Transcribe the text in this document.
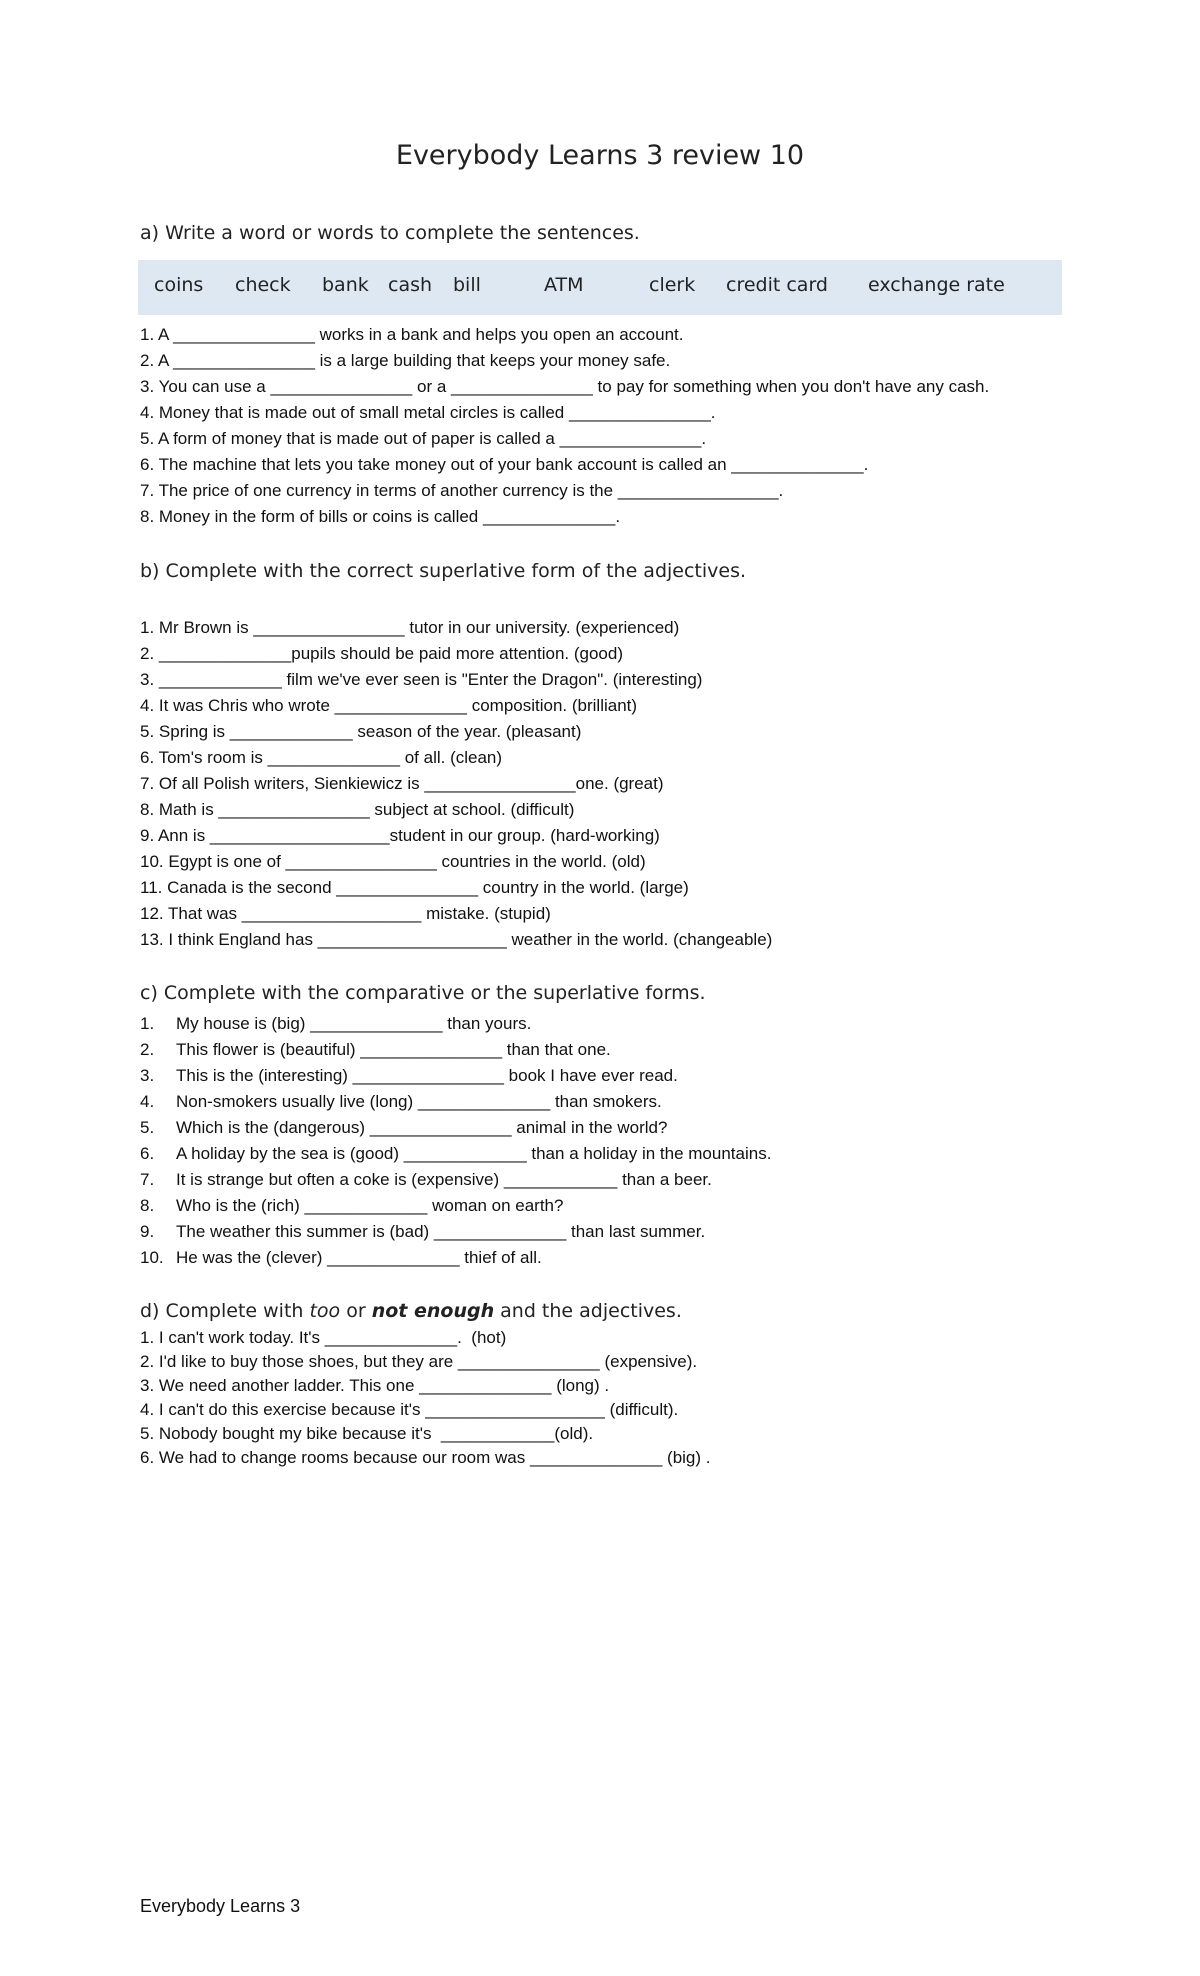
Everybody Learns 3 review 10
a) Write a word or words to complete the sentences.
coins check bank cash bill	ATM	clerk credit card exchange rate
1. A _______________ works in a bank and helps you open an account.
2. A _______________ is a large building that keeps your money safe.
3. You can use a _______________ or a _______________ to pay for something when you don't have any cash.
4. Money that is made out of small metal circles is called _______________.
5. A form of money that is made out of paper is called a _______________.
6. The machine that lets you take money out of your bank account is called an ______________.
7. The price of one currency in terms of another currency is the _________________.
8. Money in the form of bills or coins is called ______________.
b) Complete with the correct superlative form of the adjectives.
1. Mr Brown is ________________ tutor in our university. (experienced)
2. ______________pupils should be paid more attention. (good)
3. _____________ film we've ever seen is "Enter the Dragon". (interesting)
4. It was Chris who wrote ______________ composition. (brilliant)
5. Spring is _____________ season of the year. (pleasant)
6. Tom's room is ______________ of all. (clean)
7. Of all Polish writers, Sienkiewicz is ________________one. (great)
8. Math is ________________ subject at school. (difficult)
9. Ann is ___________________student in our group. (hard-working)
10. Egypt is one of ________________ countries in the world. (old)
11. Canada is the second _______________ country in the world. (large)
12. That was ___________________ mistake. (stupid)
13. I think England has ____________________ weather in the world. (changeable)
c) Complete with the comparative or the superlative forms.
1. My house is (big) ______________ than yours.
2. This flower is (beautiful) _______________ than that one.
3. This is the (interesting) ________________ book I have ever read.
4. Non-smokers usually live (long) ______________ than smokers.
5. Which is the (dangerous) _______________ animal in the world?
6. A holiday by the sea is (good) _____________ than a holiday in the mountains.
7. It is strange but often a coke is (expensive) ____________ than a beer.
8. Who is the (rich) _____________ woman on earth?
9. The weather this summer is (bad) ______________ than last summer.
10. He was the (clever) ______________ thief of all.
d) Complete with too or not enough and the adjectives.
1. I can't work today. It's ______________.  (hot)
2. I'd like to buy those shoes, but they are _______________ (expensive).
3. We need another ladder. This one ______________ (long) .
4. I can't do this exercise because it's ___________________ (difficult).
5. Nobody bought my bike because it's  ____________(old).
6. We had to change rooms because our room was ______________ (big) .
Everybody Learns 3
